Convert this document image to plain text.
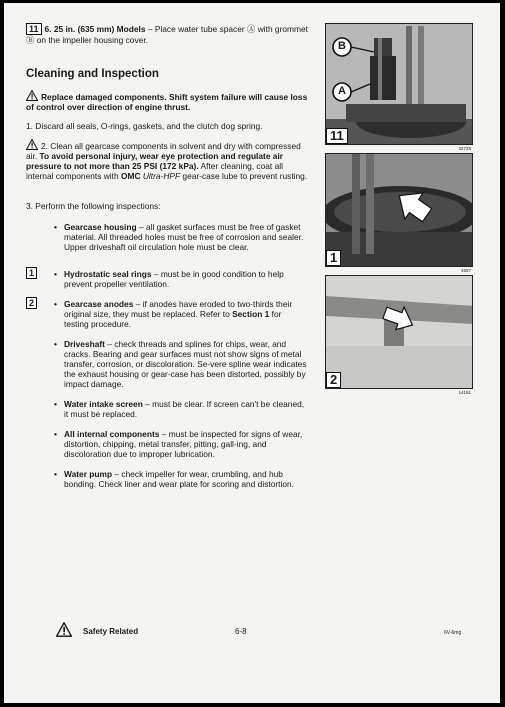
11 6. 25 in. (635 mm) Models – Place water tube spacer Ⓐ with grommet Ⓑ on the impeller housing cover.
Cleaning and Inspection
Replace damaged components. Shift system failure will cause loss of control over direction of engine thrust.
1. Discard all seals, O-rings, gaskets, and the clutch dog spring.
2. Clean all gearcase components in solvent and dry with compressed air. To avoid personal injury, wear eye protection and regulate air pressure to not more than 25 PSI (172 kPa). After cleaning, coat all internal components with OMC Ultra-HPF gear-case lube to prevent rusting.
3. Perform the following inspections:
• Gearcase housing – all gasket surfaces must be free of gasket material. All threaded holes must be free of corrosion and sealer. Upper driveshaft oil circulation hole must be clear.
1	• Hydrostatic seal rings – must be in good condition to help prevent propeller ventilation.
2	• Gearcase anodes – if anodes have eroded to two-thirds their original size, they must be replaced. Refer to Section 1 for testing procedure.
• Driveshaft – check threads and splines for chips, wear, and cracks. Bearing and gear surfaces must not show signs of metal transfer, corrosion, or discoloration. Se-vere spline wear indicates the exhaust housing or gear-case has been distorted, possibly by impact damage.
• Water intake screen – must be clear. If screen can't be cleaned, it must be replaced.
• All internal components – must be inspected for signs of wear, distortion, chipping, metal transfer, pitting, gall-ing, and discoloration due to improper lubrication.
• Water pump – check impeller for wear, crumbling, and hub bonding. Check liner and wear plate for scoring and distortion.
B
A
11
32728
1
4557
2
14161
Safety Related	6-8	6V-6mg
